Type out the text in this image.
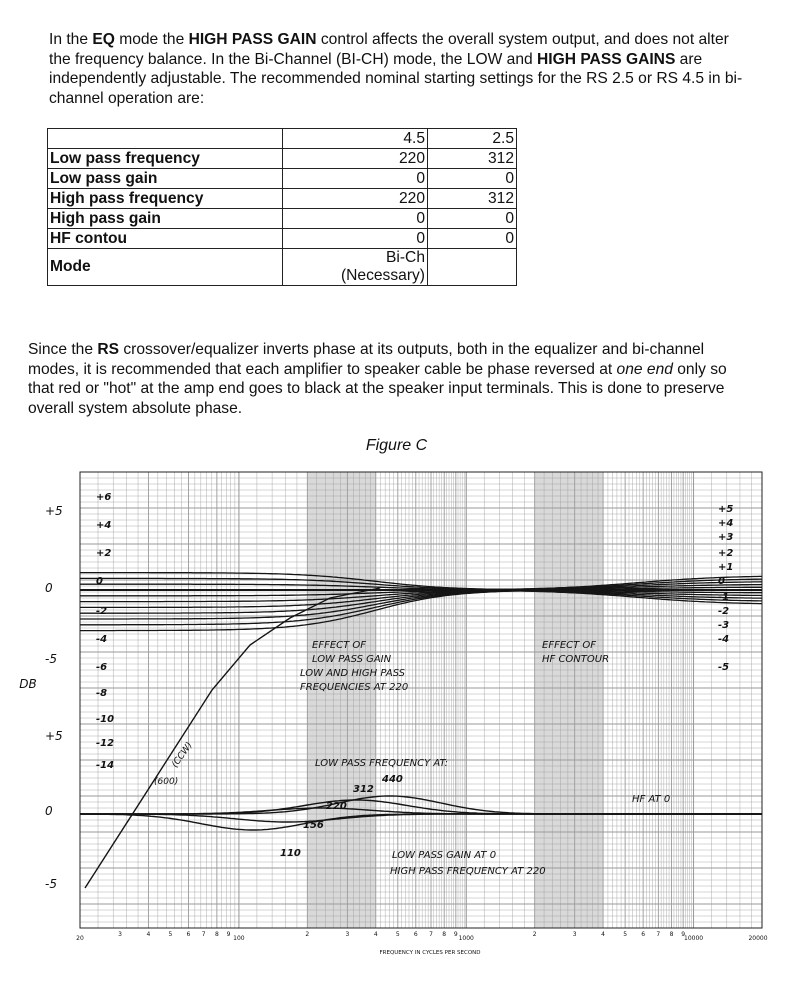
In the EQ mode the HIGH PASS GAIN control affects the overall system output, and does not alter the frequency balance. In the Bi-Channel (BI-CH) mode, the LOW and HIGH PASS GAINS are independently adjustable. The recommended nominal starting settings for the RS 2.5 or RS 4.5 in bi-channel operation are:

	4.5	2.5
Low pass frequency	220	312
Low pass gain	0	0
High pass frequency	220	312
High pass gain	0	0
HF contou	0	0
Mode	Bi-Ch
(Necessary)	

Since the RS crossover/equalizer inverts phase at its outputs, both in the equalizer and bi-channel modes, it is recommended that each amplifier to speaker cable be phase reversed at one end only so that red or "hot" at the amp end goes to black at the speaker input terminals. This is done to preserve overall system absolute phase.

Figure C
+5
0
-5
DB
+5
0
-5
+6
+4
+2
0
-2
-4
-6
-8
-10
-12
-14
+5
+4
+3
+2
+1
0
-1
-2
-3
-4
-5
EFFECT OF
LOW PASS GAIN
LOW AND HIGH PASS
FREQUENCIES AT 220
EFFECT OF
HF CONTOUR
LOW PASS FREQUENCY AT:
440
312
220
156
110	LOW PASS GAIN AT 0
HIGH PASS FREQUENCY AT 220
HF AT 0
(CCW)
(600)
20	100	1000	10000	20000
2	2
3	3	3
4	4	4
5	5	5
6	6	6
7	7	7
8	8	8
9	9	9
FREQUENCY IN CYCLES PER SECOND
